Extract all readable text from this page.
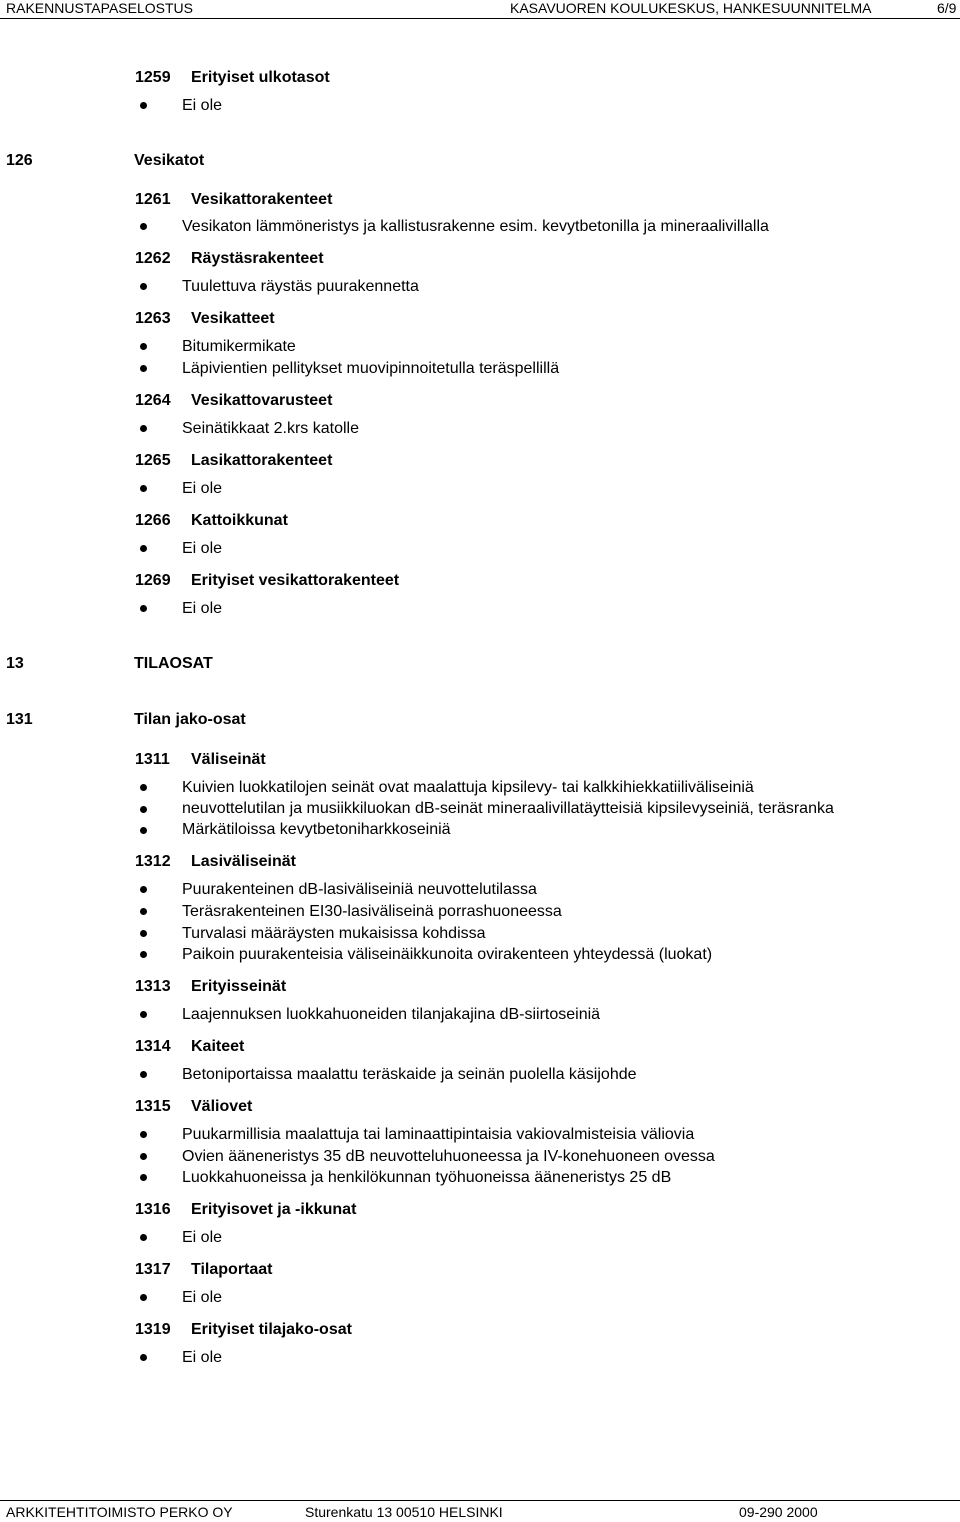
RAKENNUSTAPASELOSTUS	KASAVUOREN KOULUKESKUS, HANKESUUNNITELMA	6/9
1259 Erityiset ulkotasot
Ei ole
126	Vesikatot
1261 Vesikattorakenteet
Vesikaton lämmöneristys ja kallistusrakenne esim. kevytbetonilla ja mineraalivillalla
1262 Räystäsrakenteet
Tuulettuva räystäs puurakennetta
1263 Vesikatteet
Bitumikermikate
Läpivientien pellitykset muovipinnoitetulla teräspellillä
1264 Vesikattovarusteet
Seinätikkaat 2.krs katolle
1265 Lasikattorakenteet
Ei ole
1266 Kattoikkunat
Ei ole
1269 Erityiset vesikattorakenteet
Ei ole
13	TILAOSAT
131	Tilan jako-osat
1311 Väliseinät
Kuivien luokkatilojen seinät ovat maalattuja kipsilevy- tai kalkkihiekkatiiliväliseiniä
neuvottelutilan ja musiikkiluokan dB-seinät mineraalivillatäytteisiä kipsilevyseiniä, teräsranka
Märkätiloissa kevytbetoniharkkoseiniä
1312 Lasiväliseinät
Puurakenteinen dB-lasiväliseiniä neuvottelutilassa
Teräsrakenteinen EI30-lasiväliseinä porrashuoneessa
Turvalasi määräysten mukaisissa kohdissa
Paikoin puurakenteisia väliseinäikkunoita ovirakenteen yhteydessä (luokat)
1313 Erityisseinät
Laajennuksen luokkahuoneiden tilanjakajina dB-siirtoseiniä
1314 Kaiteet
Betoniportaissa maalattu teräskaide ja seinän puolella käsijohde
1315 Väliovet
Puukarmillisia maalattuja tai laminaattipintaisia vakiovalmisteisia väliovia
Ovien ääneneristys 35 dB neuvotteluhuoneessa ja IV-konehuoneen ovessa
Luokkahuoneissa ja henkilökunnan työhuoneissa ääneneristys 25 dB
1316 Erityisovet ja -ikkunat
Ei ole
1317 Tilaportaat
Ei ole
1319 Erityiset tilajako-osat
Ei ole
ARKKITEHTITOIMISTO PERKO OY	Sturenkatu 13 00510 HELSINKI	09-290 2000
